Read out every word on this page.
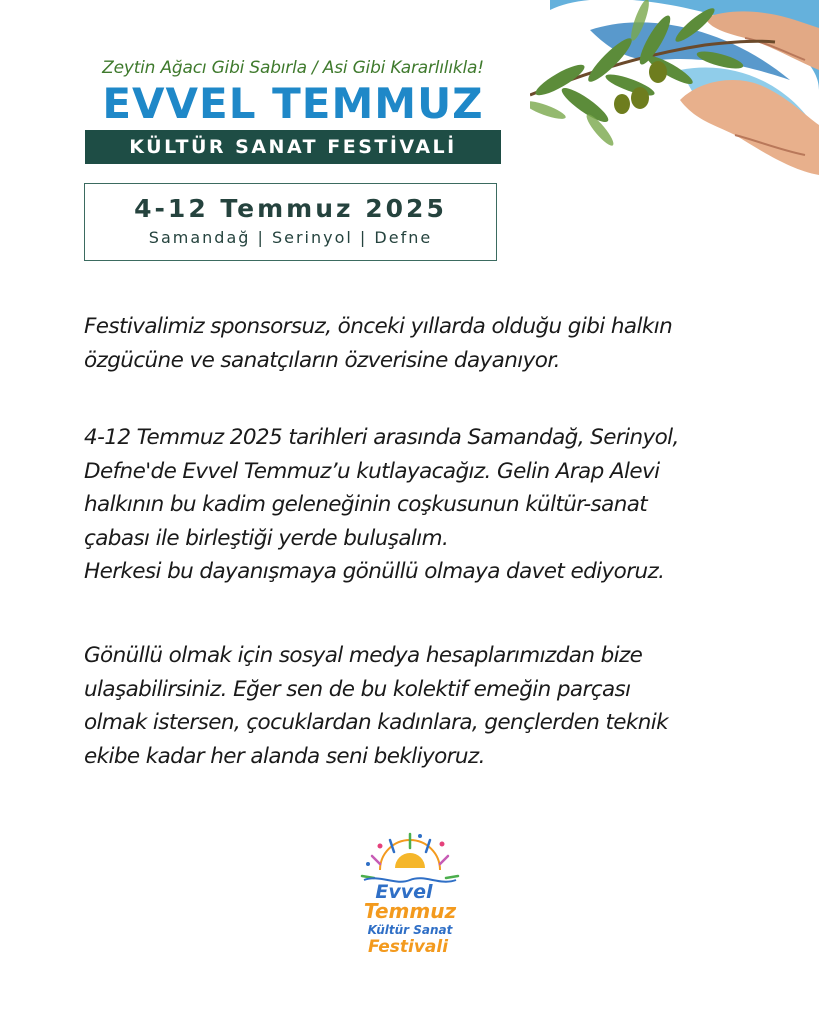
Zeytin Ağacı Gibi Sabırla / Asi Gibi Kararlılıkla!
EVVEL TEMMUZ
KÜLTÜR SANAT FESTİVALİ
4-12 Temmuz 2025
Samandağ | Serinyol | Defne
Festivalimiz sponsorsuz, önceki yıllarda olduğu gibi halkın
özgücüne ve sanatçıların özverisine dayanıyor.
4-12 Temmuz 2025 tarihleri arasında Samandağ, Serinyol,
Defne'de Evvel Temmuz’u kutlayacağız. Gelin Arap Alevi
halkının bu kadim geleneğinin coşkusunun kültür-sanat
çabası ile birleştiği yerde buluşalım.
Herkesi bu dayanışmaya gönüllü olmaya davet ediyoruz.
Gönüllü olmak için sosyal medya hesaplarımızdan bize
ulaşabilirsiniz. Eğer sen de bu kolektif emeğin parçası
olmak istersen, çocuklardan kadınlara, gençlerden teknik
ekibe kadar her alanda seni bekliyoruz.
Evvel
Temmuz
Kültür Sanat
Festivali
